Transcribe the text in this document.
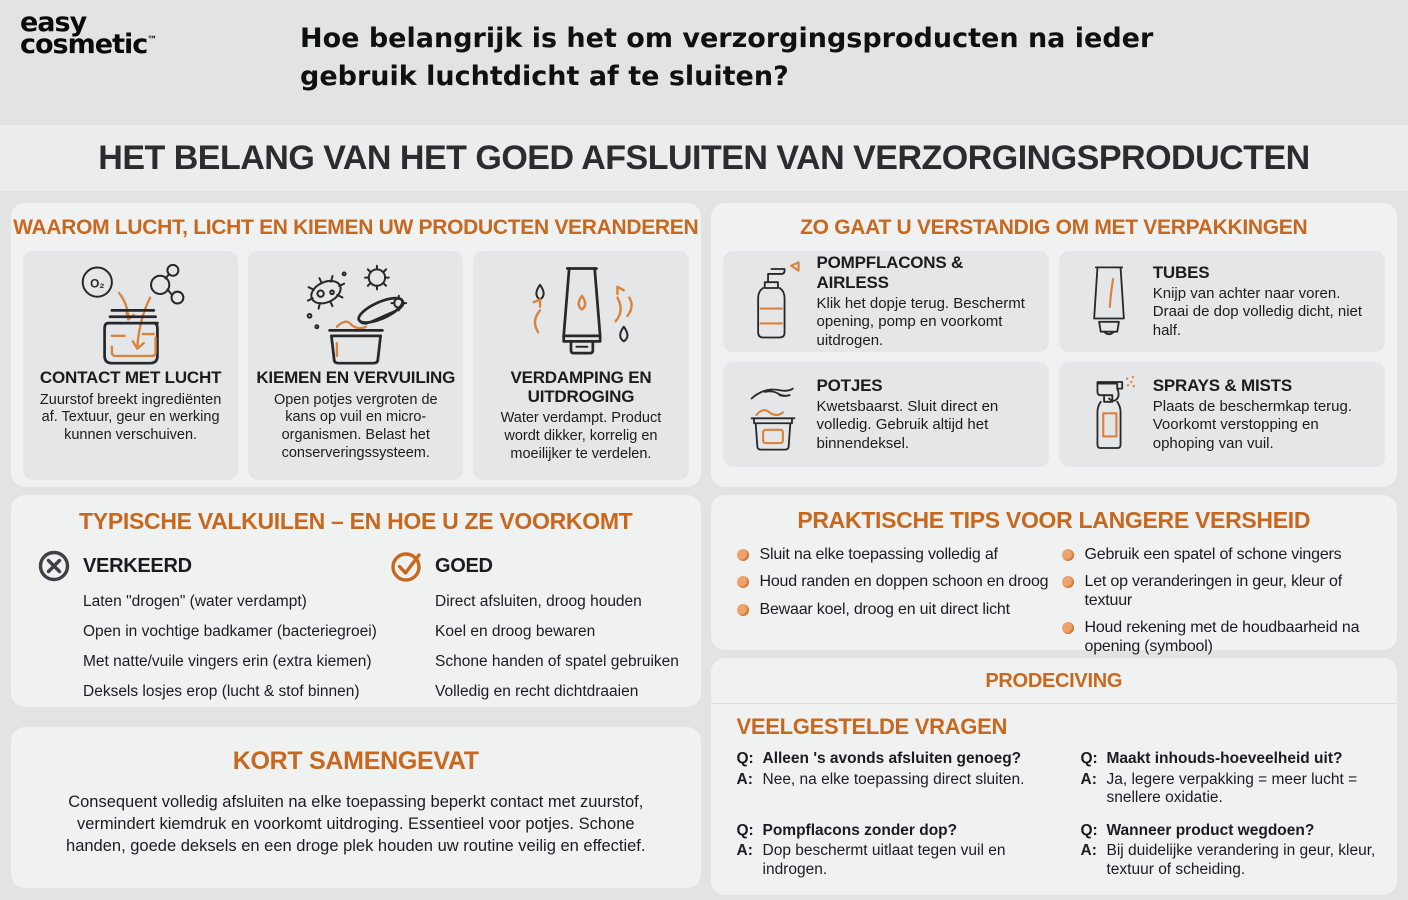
easy
cosmetic™	Hoe belangrijk is het om verzorgingsproducten na ieder gebruik luchtdicht af te sluiten?
HET BELANG VAN HET GOED AFSLUITEN VAN VERZORGINGSPRODUCTEN
WAAROM LUCHT, LICHT EN KIEMEN UW PRODUCTEN VERANDEREN
O₂
CONTACT MET LUCHT
Zuurstof breekt ingrediënten af. Textuur, geur en werking kunnen verschuiven.
KIEMEN EN VERVUILING
Open potjes vergroten de kans op vuil en micro-organismen. Belast het conserveringssysteem.
VERDAMPING EN UITDROGING
Water verdampt. Product wordt dikker, korrelig en moeilijker te verdelen.
TYPISCHE VALKUILEN – EN HOE U ZE VOORKOMT
VERKEERD
Laten "drogen" (water verdampt)
Open in vochtige badkamer (bacteriegroei)
Met natte/vuile vingers erin (extra kiemen)
Deksels losjes erop (lucht & stof binnen)
GOED
Direct afsluiten, droog houden
Koel en droog bewaren
Schone handen of spatel gebruiken
Volledig en recht dichtdraaien
KORT SAMENGEVAT

Consequent volledig afsluiten na elke toepassing beperkt contact met zuurstof, vermindert kiemdruk en voorkomt uitdroging. Essentieel voor potjes. Schone handen, goede deksels en een droge plek houden uw routine veilig en effectief.

ZO GAAT U VERSTANDIG OM MET VERPAKKINGEN
POMPFLACONS & AIRLESS
Klik het dopje terug. Beschermt opening, pomp en voorkomt uitdrogen.
TUBES
Knijp van achter naar voren. Draai de dop volledig dicht, niet half.
POTJES
Kwetsbaarst. Sluit direct en volledig. Gebruik altijd het binnendeksel.
SPRAYS & MISTS
Plaats de beschermkap terug. Voorkomt verstopping en ophoping van vuil.
PRAKTISCHE TIPS VOOR LANGERE VERSHEID
Sluit na elke toepassing volledig af
Houd randen en doppen schoon en droog
Bewaar koel, droog en uit direct licht
Gebruik een spatel of schone vingers
Let op veranderingen in geur, kleur of textuur
Houd rekening met de houdbaarheid na opening (symbool)
PRODECIVING
VEELGESTELDE VRAGEN
Q: Alleen 's avonds afsluiten genoeg?
A: Nee, na elke toepassing direct sluiten.
Q: Maakt inhouds-hoeveelheid uit?
A: Ja, legere verpakking = meer lucht = snellere oxidatie.
Q: Pompflacons zonder dop?
A: Dop beschermt uitlaat tegen vuil en indrogen.
Q: Wanneer product wegdoen?
A: Bij duidelijke verandering in geur, kleur, textuur of scheiding.
